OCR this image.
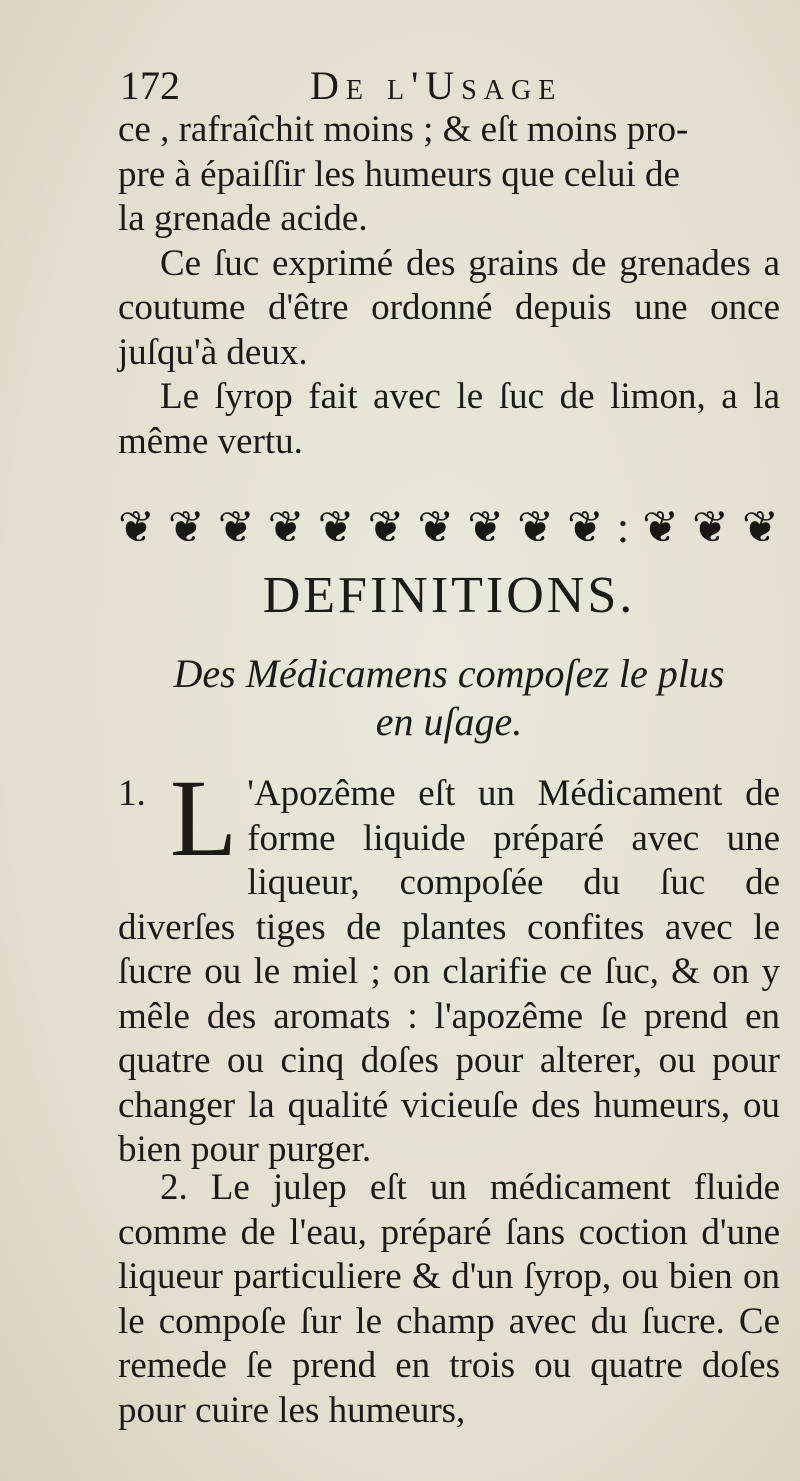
172	De l'Usage

ce , rafraîchit moins ; & eſt moins pro-

pre à épaiſſir les humeurs que celui de

la grenade acide.

Ce ſuc exprimé des grains de grenades a coutume d'être ordonné depuis une once juſqu'à deux.

Le ſyrop fait avec le ſuc de limon, a la même vertu.

❦ ❦ ❦ ❦ ❦ ❦ ❦ ❦ ❦ ❦ : ❦ ❦ ❦
DEFINITIONS.
Des Médicamens compoſez le plus
en uſage.
1. L 'Apozême eſt un Médicament de forme liquide préparé avec une liqueur, compoſée du ſuc de diverſes tiges de plantes confites avec le ſucre ou le miel ; on clarifie ce ſuc, & on y mêle des aromats : l'apozême ſe prend en quatre ou cinq doſes pour alterer, ou pour changer la qualité vicieuſe des humeurs, ou bien pour purger.

2. Le julep eſt un médicament fluide comme de l'eau, préparé ſans coction d'une liqueur particuliere & d'un ſyrop, ou bien on le compoſe ſur le champ avec du ſucre. Ce remede ſe prend en trois ou quatre doſes pour cuire les humeurs,
